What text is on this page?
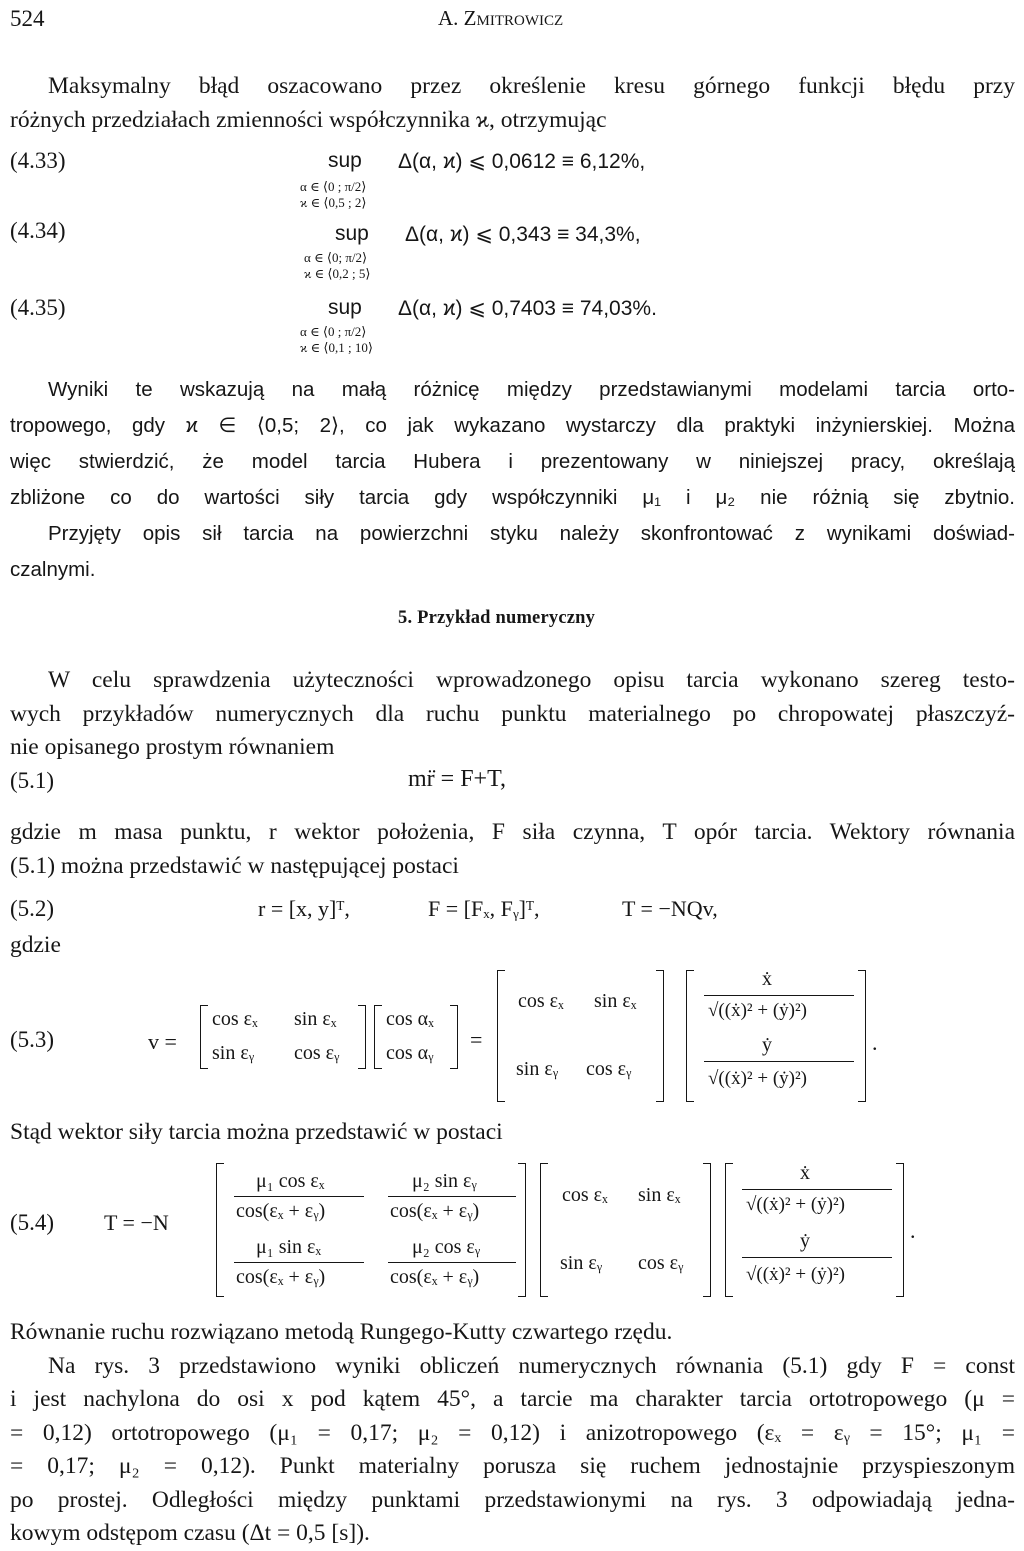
524	A. Zmitrowicz
Maksymalny błąd oszacowano przez określenie kresu górnego funkcji błędu przy
różnych przedziałach zmienności współczynnika ϰ, otrzymując
(4.33)	sup Δ(α, ϰ) ⩽ 0,0612 ≡ 6,12%,
α ∈ ⟨0 ; π/2⟩
ϰ ∈ ⟨0,5 ; 2⟩
(4.34)	sup Δ(α, ϰ) ⩽ 0,343 ≡ 34,3%,
α ∈ ⟨0; π/2⟩
ϰ ∈ ⟨0,2 ; 5⟩
(4.35)	sup Δ(α, ϰ) ⩽ 0,7403 ≡ 74,03%.
α ∈ ⟨0 ; π/2⟩
ϰ ∈ ⟨0,1 ; 10⟩
Wyniki te wskazują na małą różnicę między przedstawianymi modelami tarcia orto-
tropowego, gdy ϰ ∈ ⟨0,5; 2⟩, co jak wykazano wystarczy dla praktyki inżynierskiej. Można
więc stwierdzić, że model tarcia Hubera i prezentowany w niniejszej pracy, określają
zbliżone co do wartości siły tarcia gdy współczynniki μ₁ i μ₂ nie różnią się zbytnio.
Przyjęty opis sił tarcia na powierzchni styku należy skonfrontować z wynikami doświad-
czalnymi.
5. Przykład numeryczny
W celu sprawdzenia użyteczności wprowadzonego opisu tarcia wykonano szereg testo-
wych przykładów numerycznych dla ruchu punktu materialnego po chropowatej płaszczyź-
nie opisanego prostym równaniem
(5.1)	mr̈ = F+T,
gdzie m masa punktu, r wektor położenia, F siła czynna, T opór tarcia. Wektory równania
(5.1) można przedstawić w następującej postaci
(5.2)	r = [x, y]ᵀ,	F = [Fₓ, Fᵧ]ᵀ,	T = −NQv,
gdzie
(5.3)	v =
cos εₓ sin εₓ
sin εᵧ cos εᵧ
cos αₓ
cos αᵧ
=
cos εₓ sin εₓ
sin εᵧ cos εᵧ
ẋ
√((ẋ)² + (ẏ)²)
ẏ
√((ẋ)² + (ẏ)²)
.
Stąd wektor siły tarcia można przedstawić w postaci
(5.4) T = −N
μ₁ cos εₓ
cos(εₓ + εᵧ)
μ₂ sin εᵧ
cos(εₓ + εᵧ)
μ₁ sin εₓ
cos(εₓ + εᵧ)
μ₂ cos εᵧ
cos(εₓ + εᵧ)
cos εₓ sin εₓ
sin εᵧ cos εᵧ
ẋ
√((ẋ)² + (ẏ)²)
ẏ
√((ẋ)² + (ẏ)²)
.
Równanie ruchu rozwiązano metodą Rungego-Kutty czwartego rzędu.
Na rys. 3 przedstawiono wyniki obliczeń numerycznych równania (5.1) gdy F = const
i jest nachylona do osi x pod kątem 45°, a tarcie ma charakter tarcia ortotropowego (μ =
= 0,12) ortotropowego (μ₁ = 0,17; μ₂ = 0,12) i anizotropowego (εₓ = εᵧ = 15°; μ₁ =
= 0,17; μ₂ = 0,12). Punkt materialny porusza się ruchem jednostajnie przyspieszonym
po prostej. Odległości między punktami przedstawionymi na rys. 3 odpowiadają jedna-
kowym odstępom czasu (Δt = 0,5 [s]).
